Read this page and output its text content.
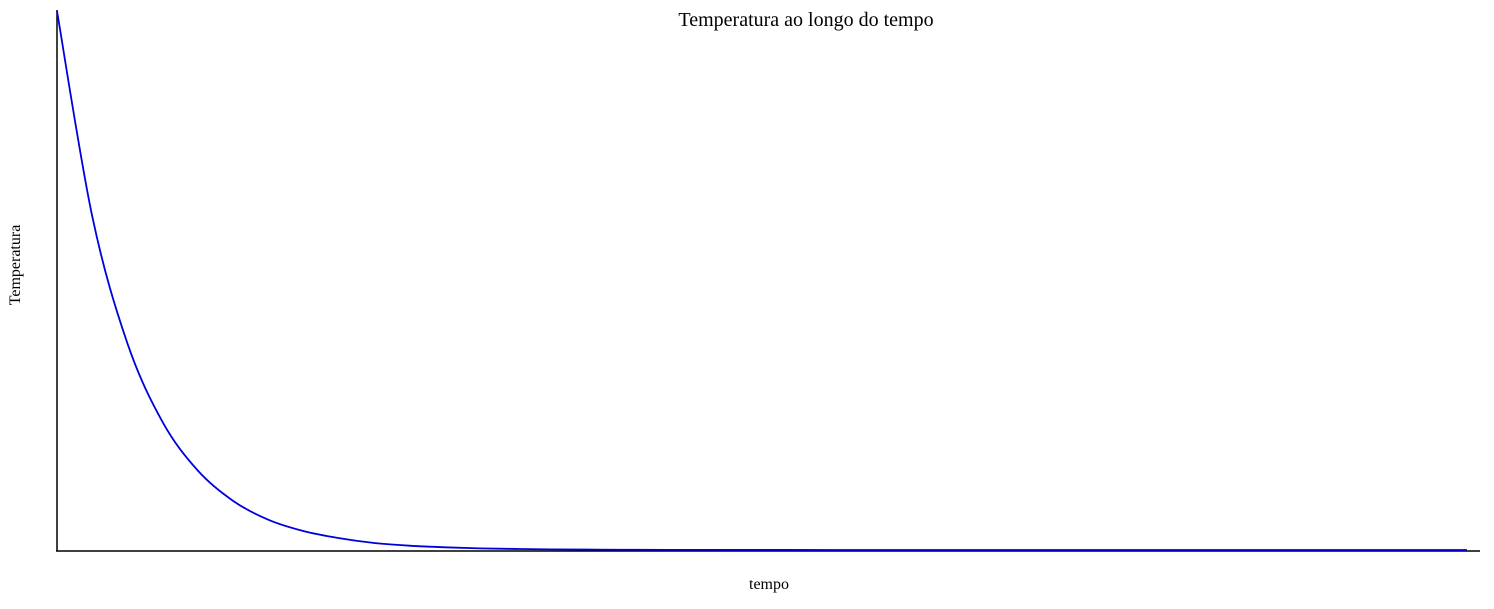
Temperatura ao longo do tempo
Temperatura
tempo
